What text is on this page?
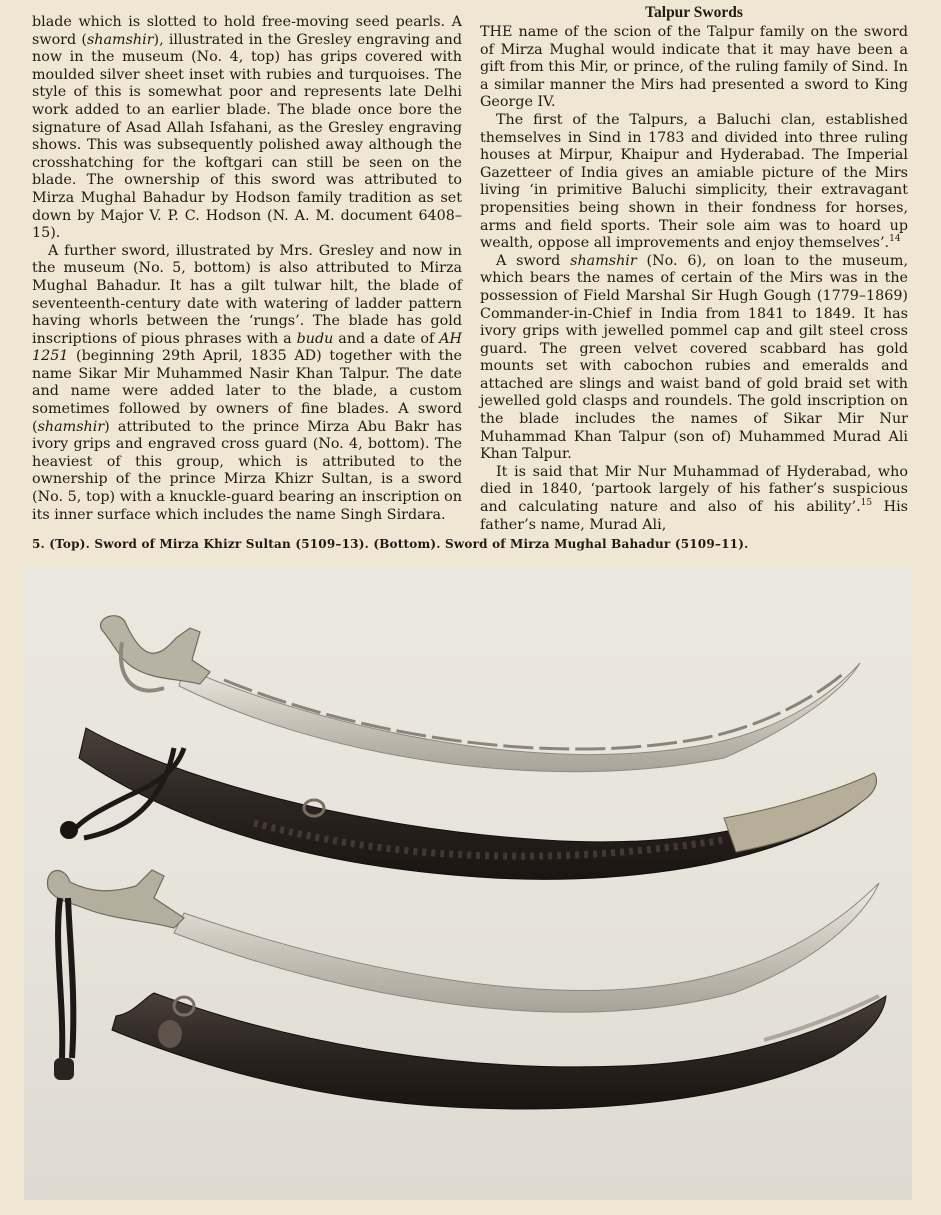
blade which is slotted to hold free-moving seed pearls. A sword (shamshir), illustrated in the Gresley engraving and now in the museum (No. 4, top) has grips covered with moulded silver sheet inset with rubies and turquoises. The style of this is somewhat poor and represents late Delhi work added to an earlier blade. The blade once bore the signature of Asad Allah Isfahani, as the Gresley engraving shows. This was subsequently polished away although the crosshatching for the koftgari can still be seen on the blade. The ownership of this sword was attributed to Mirza Mughal Bahadur by Hodson family tradition as set down by Major V. P. C. Hodson (N. A. M. document 6408–15).

A further sword, illustrated by Mrs. Gresley and now in the museum (No. 5, bottom) is also attributed to Mirza Mughal Bahadur. It has a gilt tulwar hilt, the blade of seventeenth-century date with watering of ladder pattern having whorls between the ‘rungs’. The blade has gold inscriptions of pious phrases with a budu and a date of AH 1251 (beginning 29th April, 1835 AD) together with the name Sikar Mir Muhammed Nasir Khan Talpur. The date and name were added later to the blade, a custom sometimes followed by owners of fine blades. A sword (shamshir) attributed to the prince Mirza Abu Bakr has ivory grips and engraved cross guard (No. 4, bottom). The heaviest of this group, which is attributed to the ownership of the prince Mirza Khizr Sultan, is a sword (No. 5, top) with a knuckle-guard bearing an inscription on its inner surface which includes the name Singh Sirdara.

Talpur Swords

THE name of the scion of the Talpur family on the sword of Mirza Mughal would indicate that it may have been a gift from this Mir, or prince, of the ruling family of Sind. In a similar manner the Mirs had presented a sword to King George IV.

The first of the Talpurs, a Baluchi clan, established themselves in Sind in 1783 and divided into three ruling houses at Mirpur, Khaipur and Hyderabad. The Imperial Gazetteer of India gives an amiable picture of the Mirs living ‘in primitive Baluchi simplicity, their extravagant propensities being shown in their fondness for horses, arms and field sports. Their sole aim was to hoard up wealth, oppose all improvements and enjoy themselves’.$^{14}$

A sword shamshir (No. 6), on loan to the museum, which bears the names of certain of the Mirs was in the possession of Field Marshal Sir Hugh Gough (1779–1869) Commander-in-Chief in India from 1841 to 1849. It has ivory grips with jewelled pommel cap and gilt steel cross guard. The green velvet covered scabbard has gold mounts set with cabochon rubies and emeralds and attached are slings and waist band of gold braid set with jewelled gold clasps and roundels. The gold inscription on the blade includes the names of Sikar Mir Nur Muhammad Khan Talpur (son of) Muhammed Murad Ali Khan Talpur.

It is said that Mir Nur Muhammad of Hyderabad, who died in 1840, ‘partook largely of his father’s suspicious and calculating nature and also of his ability’.$^{15}$ His father’s name, Murad Ali,

5. (Top). Sword of Mirza Khizr Sultan (5109–13). (Bottom). Sword of Mirza Mughal Bahadur (5109–11).
